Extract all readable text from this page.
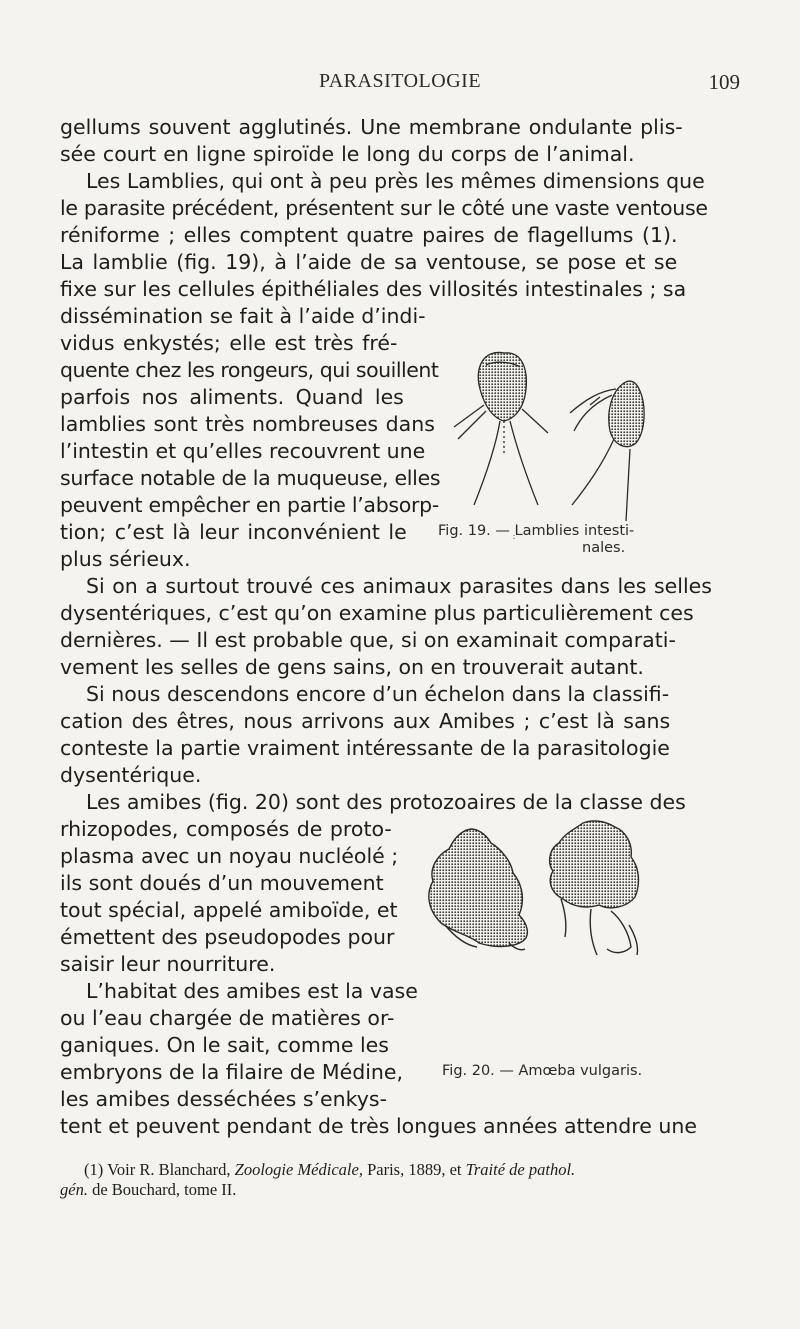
PARASITOLOGIE	109
gellums souvent agglutinés. Une membrane ondulante plis-
sée court en ligne spiroïde le long du corps de l’animal.
Les Lamblies, qui ont à peu près les mêmes dimensions que
le parasite précédent, présentent sur le côté une vaste ventouse
réniforme ; elles comptent quatre paires de flagellums (1).
La lamblie (fig. 19), à l’aide de sa ventouse, se pose et se
fixe sur les cellules épithéliales des villosités intestinales ; sa
dissémination se fait à l’aide d’indi-
vidus enkystés; elle est très fré-
quente chez les rongeurs, qui souillent
parfois nos aliments. Quand les
lamblies sont très nombreuses dans
l’intestin et qu’elles recouvrent une
surface notable de la muqueuse, elles
peuvent empêcher en partie l’absorp-
tion; c’est là leur inconvénient le
plus sérieux.
Si on a surtout trouvé ces animaux parasites dans les selles
dysentériques, c’est qu’on examine plus particulièrement ces
dernières. — Il est probable que, si on examinait comparati-
vement les selles de gens sains, on en trouverait autant.
Si nous descendons encore d’un échelon dans la classifi-
cation des êtres, nous arrivons aux Amibes ; c’est là sans
conteste la partie vraiment intéressante de la parasitologie
dysentérique.
Les amibes (fig. 20) sont des protozoaires de la classe des
rhizopodes, composés de proto-
plasma avec un noyau nucléolé ;
ils sont doués d’un mouvement
tout spécial, appelé amiboïde, et
émettent des pseudopodes pour
saisir leur nourriture.
L’habitat des amibes est la vase
ou l’eau chargée de matières or-
ganiques. On le sait, comme les
embryons de la filaire de Médine,
les amibes desséchées s’enkys-
tent et peuvent pendant de très longues années attendre une
Fig. 19. — Lamblies intesti-
nales.
Fig. 20. — Amœba vulgaris.
(1) Voir R. Blanchard, Zoologie Médicale, Paris, 1889, et Traité de pathol.
gén. de Bouchard, tome II.
